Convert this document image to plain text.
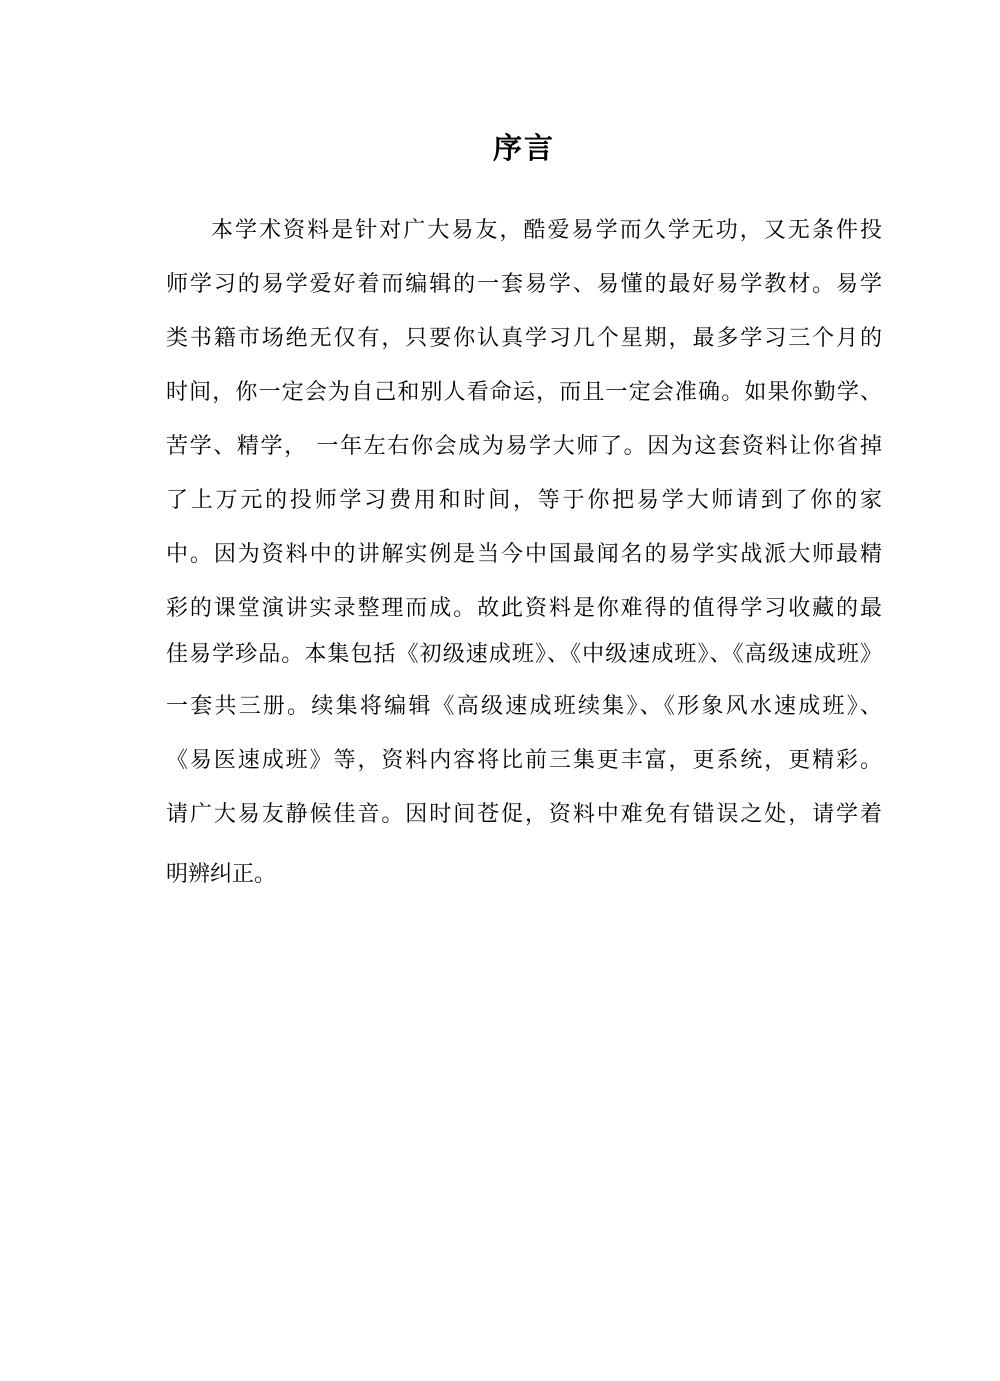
序言
本学术资料是针对广大易友，酷爱易学而久学无功，又无条件投
师学习的易学爱好着而编辑的一套易学、易懂的最好易学教材。易学
类书籍市场绝无仅有，只要你认真学习几个星期，最多学习三个月的
时间，你一定会为自己和别人看命运，而且一定会准确。如果你勤学、
苦学、精学， 一年左右你会成为易学大师了。因为这套资料让你省掉
了上万元的投师学习费用和时间，等于你把易学大师请到了你的家
中。因为资料中的讲解实例是当今中国最闻名的易学实战派大师最精
彩的课堂演讲实录整理而成。故此资料是你难得的值得学习收藏的最
佳易学珍品。本集包括《初级速成班》、《中级速成班》、《高级速成班》
一套共三册。续集将编辑《高级速成班续集》、《形象风水速成班》、
《易医速成班》等，资料内容将比前三集更丰富，更系统，更精彩。
请广大易友静候佳音。因时间苍促，资料中难免有错误之处，请学着
明辨纠正。
